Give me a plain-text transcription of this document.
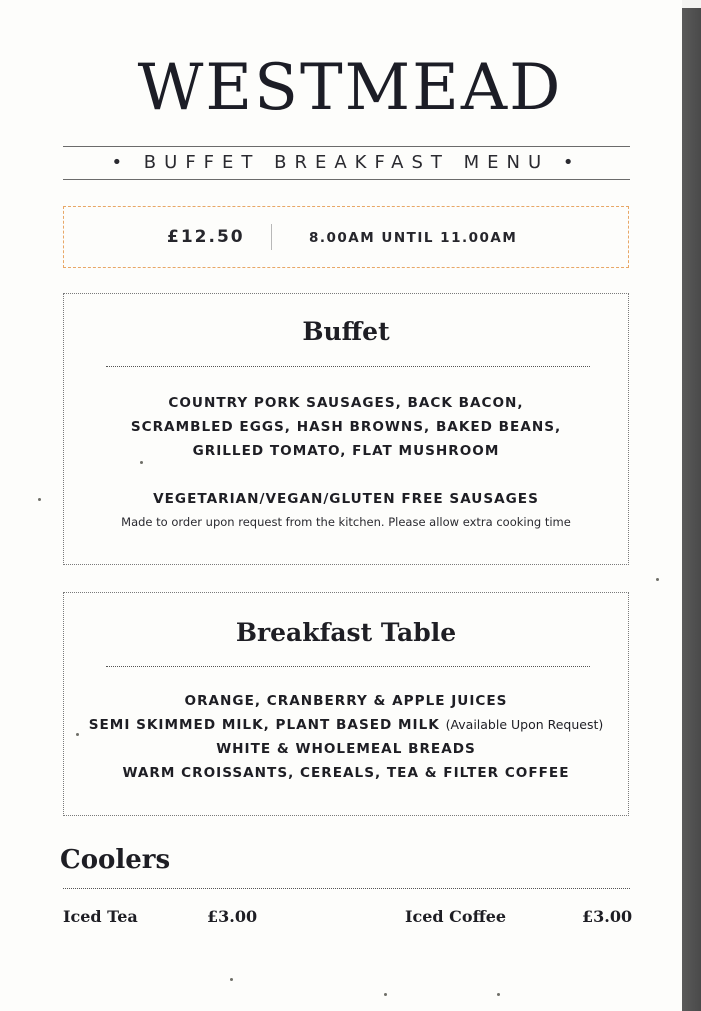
WESTMEAD
• BUFFET BREAKFAST MENU •
£12.50	8.00AM UNTIL 11.00AM
Buffet
COUNTRY PORK SAUSAGES, BACK BACON,
SCRAMBLED EGGS, HASH BROWNS, BAKED BEANS,
GRILLED TOMATO, FLAT MUSHROOM
VEGETARIAN/VEGAN/GLUTEN FREE SAUSAGES
Made to order upon request from the kitchen. Please allow extra cooking time
Breakfast Table
ORANGE, CRANBERRY & APPLE JUICES
SEMI SKIMMED MILK, PLANT BASED MILK (Available Upon Request)
WHITE & WHOLEMEAL BREADS
WARM CROISSANTS, CEREALS, TEA & FILTER COFFEE
Coolers
Iced Tea	£3.00	Iced Coffee	£3.00
